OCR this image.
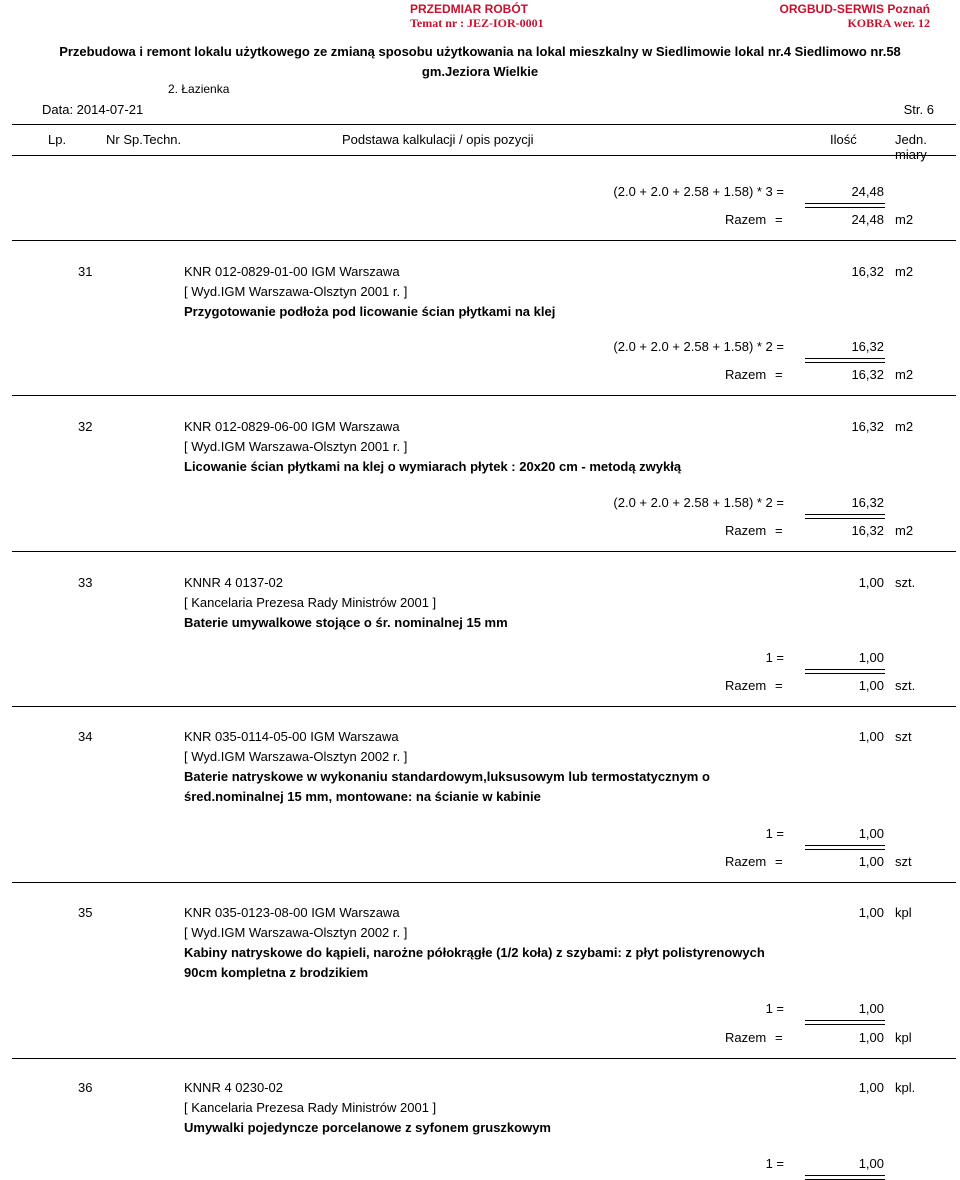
PRZEDMIAR ROBÓT
Temat nr : JEZ-IOR-0001
ORGBUD-SERWIS Poznań
KOBRA wer. 12
Przebudowa i remont lokalu użytkowego ze zmianą sposobu użytkowania na lokal mieszkalny w Siedlimowie lokal nr.4 Siedlimowo nr.58
gm.Jeziora Wielkie
2. Łazienka
Data: 2014-07-21	Str. 6
Lp.	Nr Sp.Techn.	Podstawa kalkulacji / opis pozycji	Ilość	Jedn. miary
(2.0 + 2.0 + 2.58 + 1.58) * 3 =	24,48
Razem =	24,48 m2
31	KNR 012-0829-01-00 IGM Warszawa	16,32 m2
[ Wyd.IGM Warszawa-Olsztyn 2001 r. ]
Przygotowanie podłoża pod licowanie ścian płytkami na klej
(2.0 + 2.0 + 2.58 + 1.58) * 2 =	16,32
Razem =	16,32 m2
32	KNR 012-0829-06-00 IGM Warszawa	16,32 m2
[ Wyd.IGM Warszawa-Olsztyn 2001 r. ]
Licowanie ścian płytkami na klej o wymiarach płytek : 20x20 cm - metodą zwykłą
(2.0 + 2.0 + 2.58 + 1.58) * 2 =	16,32
Razem =	16,32 m2
33	KNNR 4 0137-02	1,00 szt.
[ Kancelaria Prezesa Rady Ministrów 2001 ]
Baterie umywalkowe stojące o śr. nominalnej 15 mm
1 =	1,00
Razem =	1,00 szt.
34	KNR 035-0114-05-00 IGM Warszawa	1,00 szt
[ Wyd.IGM Warszawa-Olsztyn 2002 r. ]
Baterie natryskowe w wykonaniu standardowym,luksusowym lub termostatycznym o
śred.nominalnej 15 mm, montowane: na ścianie w kabinie
1 =	1,00
Razem =	1,00 szt
35	KNR 035-0123-08-00 IGM Warszawa	1,00 kpl
[ Wyd.IGM Warszawa-Olsztyn 2002 r. ]
Kabiny natryskowe do kąpieli, narożne półokrągłe (1/2 koła) z szybami: z płyt polistyrenowych
90cm kompletna z brodzikiem
1 =	1,00
Razem =	1,00 kpl
36	KNNR 4 0230-02	1,00 kpl.
[ Kancelaria Prezesa Rady Ministrów 2001 ]
Umywalki pojedyncze porcelanowe z syfonem gruszkowym
1 =	1,00
